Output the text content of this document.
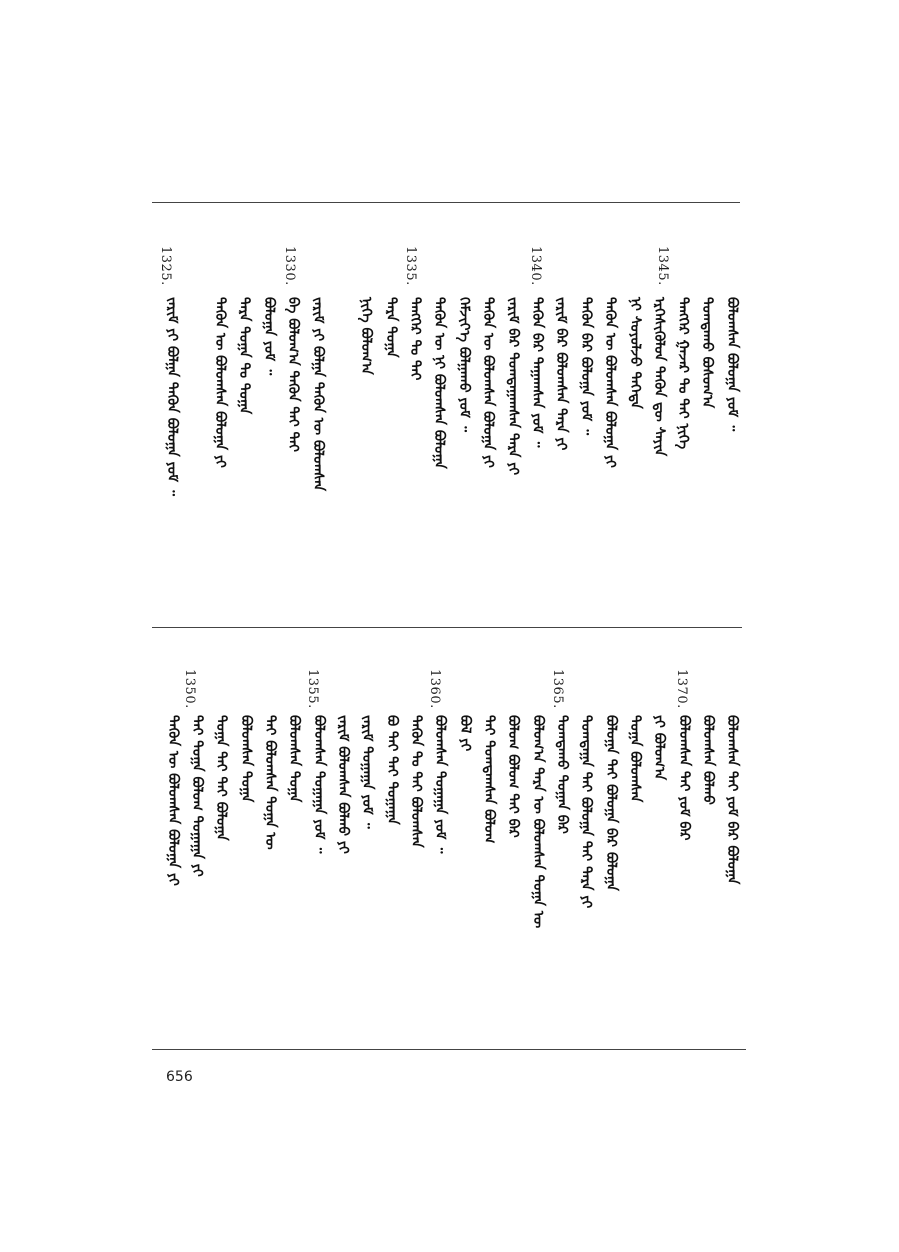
1345.
1340.
1335.
1330.
1325.
ᠪᠣᠯᠤᠭᠰᠠᠨ ᠪᠣᠯᠤᠭᠠ ᠶᠤᠮ ᠃
ᠲᠣᠭᠲᠠᠬᠤ ᠪᠣᠰᠤᠭ᠎ᠠ
ᠲᠡᠩᠭᠡᠷ ᠭᠠᠵᠠᠷ ᠲᠤ ᠲᠠᠢ ᠨᠢᠭᠡ
ᠡᠷᠬᠡᠰᠢᠭᠦᠯᠦᠨ ᠲᠡᠭᠦᠨ ᠳᠦ ᠰᠠᠶᠢᠨ
ᠨᠢ ᠰᠣᠶᠤᠯᠵᠤ ᠲᠡᠭᠡᠳᠡ
ᠲᠡᠭᠦᠨ ᠦ ᠪᠣᠯᠤᠭᠰᠠᠨ ᠪᠣᠯᠤᠭᠠ ᠶᠢ
ᠲᠡᠭᠦᠨ ᠪᠠᠷ ᠪᠣᠯᠤᠭᠠ ᠶᠤᠮ ᠃
ᠵᠠᠷᠢᠮ ᠪᠠᠷ ᠪᠣᠯᠤᠭᠰᠠᠨ ᠲᠡᠷᠡ ᠶᠢ
ᠲᠡᠭᠦᠨ ᠪᠠᠷ ᠲᠠᠭᠠᠭᠰᠠᠨ ᠶᠤᠮ ᠃
ᠵᠠᠷᠢᠮ ᠪᠠᠷ ᠲᠣᠭᠲᠠᠭᠠᠭᠰᠠᠨ ᠲᠡᠷᠡ ᠶᠢ
ᠲᠡᠭᠦᠨ ᠦ ᠪᠣᠯᠤᠭᠰᠠᠨ ᠪᠣᠯᠤᠭᠠ ᠶᠢ
ᠬᠡᠮᠵᠢᠶ᠎ᠡ ᠪᠣᠯᠭᠠᠬᠤ ᠶᠤᠮ ᠃
ᠲᠡᠭᠦᠨ ᠦ ᠨᠢ ᠪᠣᠯᠤᠭᠰᠠᠨ ᠪᠣᠯᠤᠭᠠ
ᠲᠡᠩᠭᠡᠷ ᠲᠤ ᠲᠠᠢ
ᠲᠡᠷᠡ ᠲᠣᠭᠠ
ᠨᠢᠭᠡ ᠪᠣᠯᠤᠭ᠎ᠠ
ᠵᠠᠷᠢᠮ ᠶᠢ ᠪᠣᠯᠭᠠ ᠲᠡᠭᠦᠨ ᠦ ᠪᠣᠯᠤᠭᠰᠠᠨ
ᠪᠠ ᠪᠣᠯᠤᠭ᠎ᠠ ᠲᠡᠭᠦᠨ ᠲᠠᠢ ᠲᠠᠢ
ᠪᠣᠯᠤᠭᠠ ᠶᠤᠮ ᠃
ᠲᠡᠷᠡ ᠲᠣᠭᠠ ᠲᠤ ᠲᠣᠭᠠ
ᠲᠡᠭᠦᠨ ᠦ ᠪᠣᠯᠤᠭᠰᠠᠨ ᠪᠣᠯᠤᠭᠠ ᠶᠢ
ᠵᠠᠷᠢᠮ ᠶᠢ ᠪᠣᠯᠭᠠ ᠲᠡᠭᠦᠨ ᠪᠣᠯᠤᠭᠠ ᠶᠤᠮ ᠃
1370.
1365.
1360.
1355.
1350.
ᠪᠣᠯᠤᠭᠰᠠᠨ ᠲᠠᠢ ᠶᠤᠮ ᠪᠠᠷ ᠪᠣᠯᠤᠭᠠ
ᠪᠣᠯᠤᠭᠰᠠᠨ ᠪᠣᠯᠬᠤ
ᠪᠣᠯᠤᠭᠰᠠᠨ ᠲᠠᠢ ᠶᠤᠮ ᠪᠠᠷ
ᠶᠢ ᠪᠣᠯᠤᠭ᠎ᠠ
ᠲᠣᠭᠠ ᠪᠣᠯᠤᠭᠰᠠᠨ
ᠪᠣᠯᠤᠭᠠ ᠲᠠᠢ ᠪᠣᠯᠤᠭᠠ ᠪᠠᠷ ᠪᠣᠯᠤᠭᠠ
ᠲᠣᠭᠲᠠᠭᠠ ᠲᠠᠢ ᠪᠣᠯᠤᠭᠠ ᠲᠠᠢ ᠲᠡᠷᠡ ᠶᠢ
ᠲᠣᠭᠲᠠᠬᠤ ᠲᠣᠭᠠᠨ ᠪᠠᠷ
ᠪᠣᠯᠤᠭ᠎ᠠ ᠲᠡᠷᠡ ᠦ ᠪᠣᠯᠤᠭᠰᠠᠨ ᠲᠣᠭᠠ ᠦ
ᠪᠣᠯᠤᠭ ᠪᠣᠯᠤᠭ ᠲᠠᠢ ᠪᠠᠷ
ᠲᠠᠢ ᠲᠣᠭᠲᠠᠭᠰᠠᠨ ᠪᠣᠯᠤᠭ
ᠪᠣᠯ ᠶᠢ
ᠪᠣᠯᠤᠭᠰᠠᠨ ᠲᠣᠭᠠᠭᠠ ᠶᠤᠮ ᠃
ᠲᠡᠭᠦᠨ ᠲᠤ ᠲᠠᠢ ᠪᠣᠯᠤᠭᠰᠠᠨ
ᠪᠣ ᠲᠠᠢ ᠲᠠᠢ ᠲᠣᠭᠠᠭᠠ
ᠵᠠᠷᠢᠮ ᠲᠣᠭᠠᠭᠠ ᠶᠤᠮ ᠃
ᠵᠠᠷᠢᠮ ᠪᠣᠯᠤᠭᠰᠠᠨ ᠪᠣᠯᠬᠤ ᠶᠢ
ᠪᠣᠯᠤᠭᠰᠠᠨ ᠲᠣᠭᠠᠭᠠ ᠶᠤᠮ ᠃
ᠪᠣᠯᠤᠭᠰᠠᠨ ᠲᠣᠭᠠ
ᠲᠠᠢ ᠪᠣᠯᠤᠭᠰᠠᠨ ᠲᠣᠭᠠ ᠦ
ᠪᠣᠯᠤᠭᠰᠠᠨ ᠲᠣᠭᠠ
ᠲᠣᠭᠠ ᠲᠠᠢ ᠲᠠᠢ ᠪᠣᠯᠤᠭᠠ
ᠲᠠᠢ ᠲᠣᠭᠠ ᠪᠣᠯᠤᠭ ᠲᠣᠭᠠᠭᠠ ᠶᠢ
ᠲᠡᠭᠦᠨ ᠦ ᠪᠣᠯᠤᠭᠰᠠᠨ ᠪᠣᠯᠤᠭᠠ ᠶᠢ
656
